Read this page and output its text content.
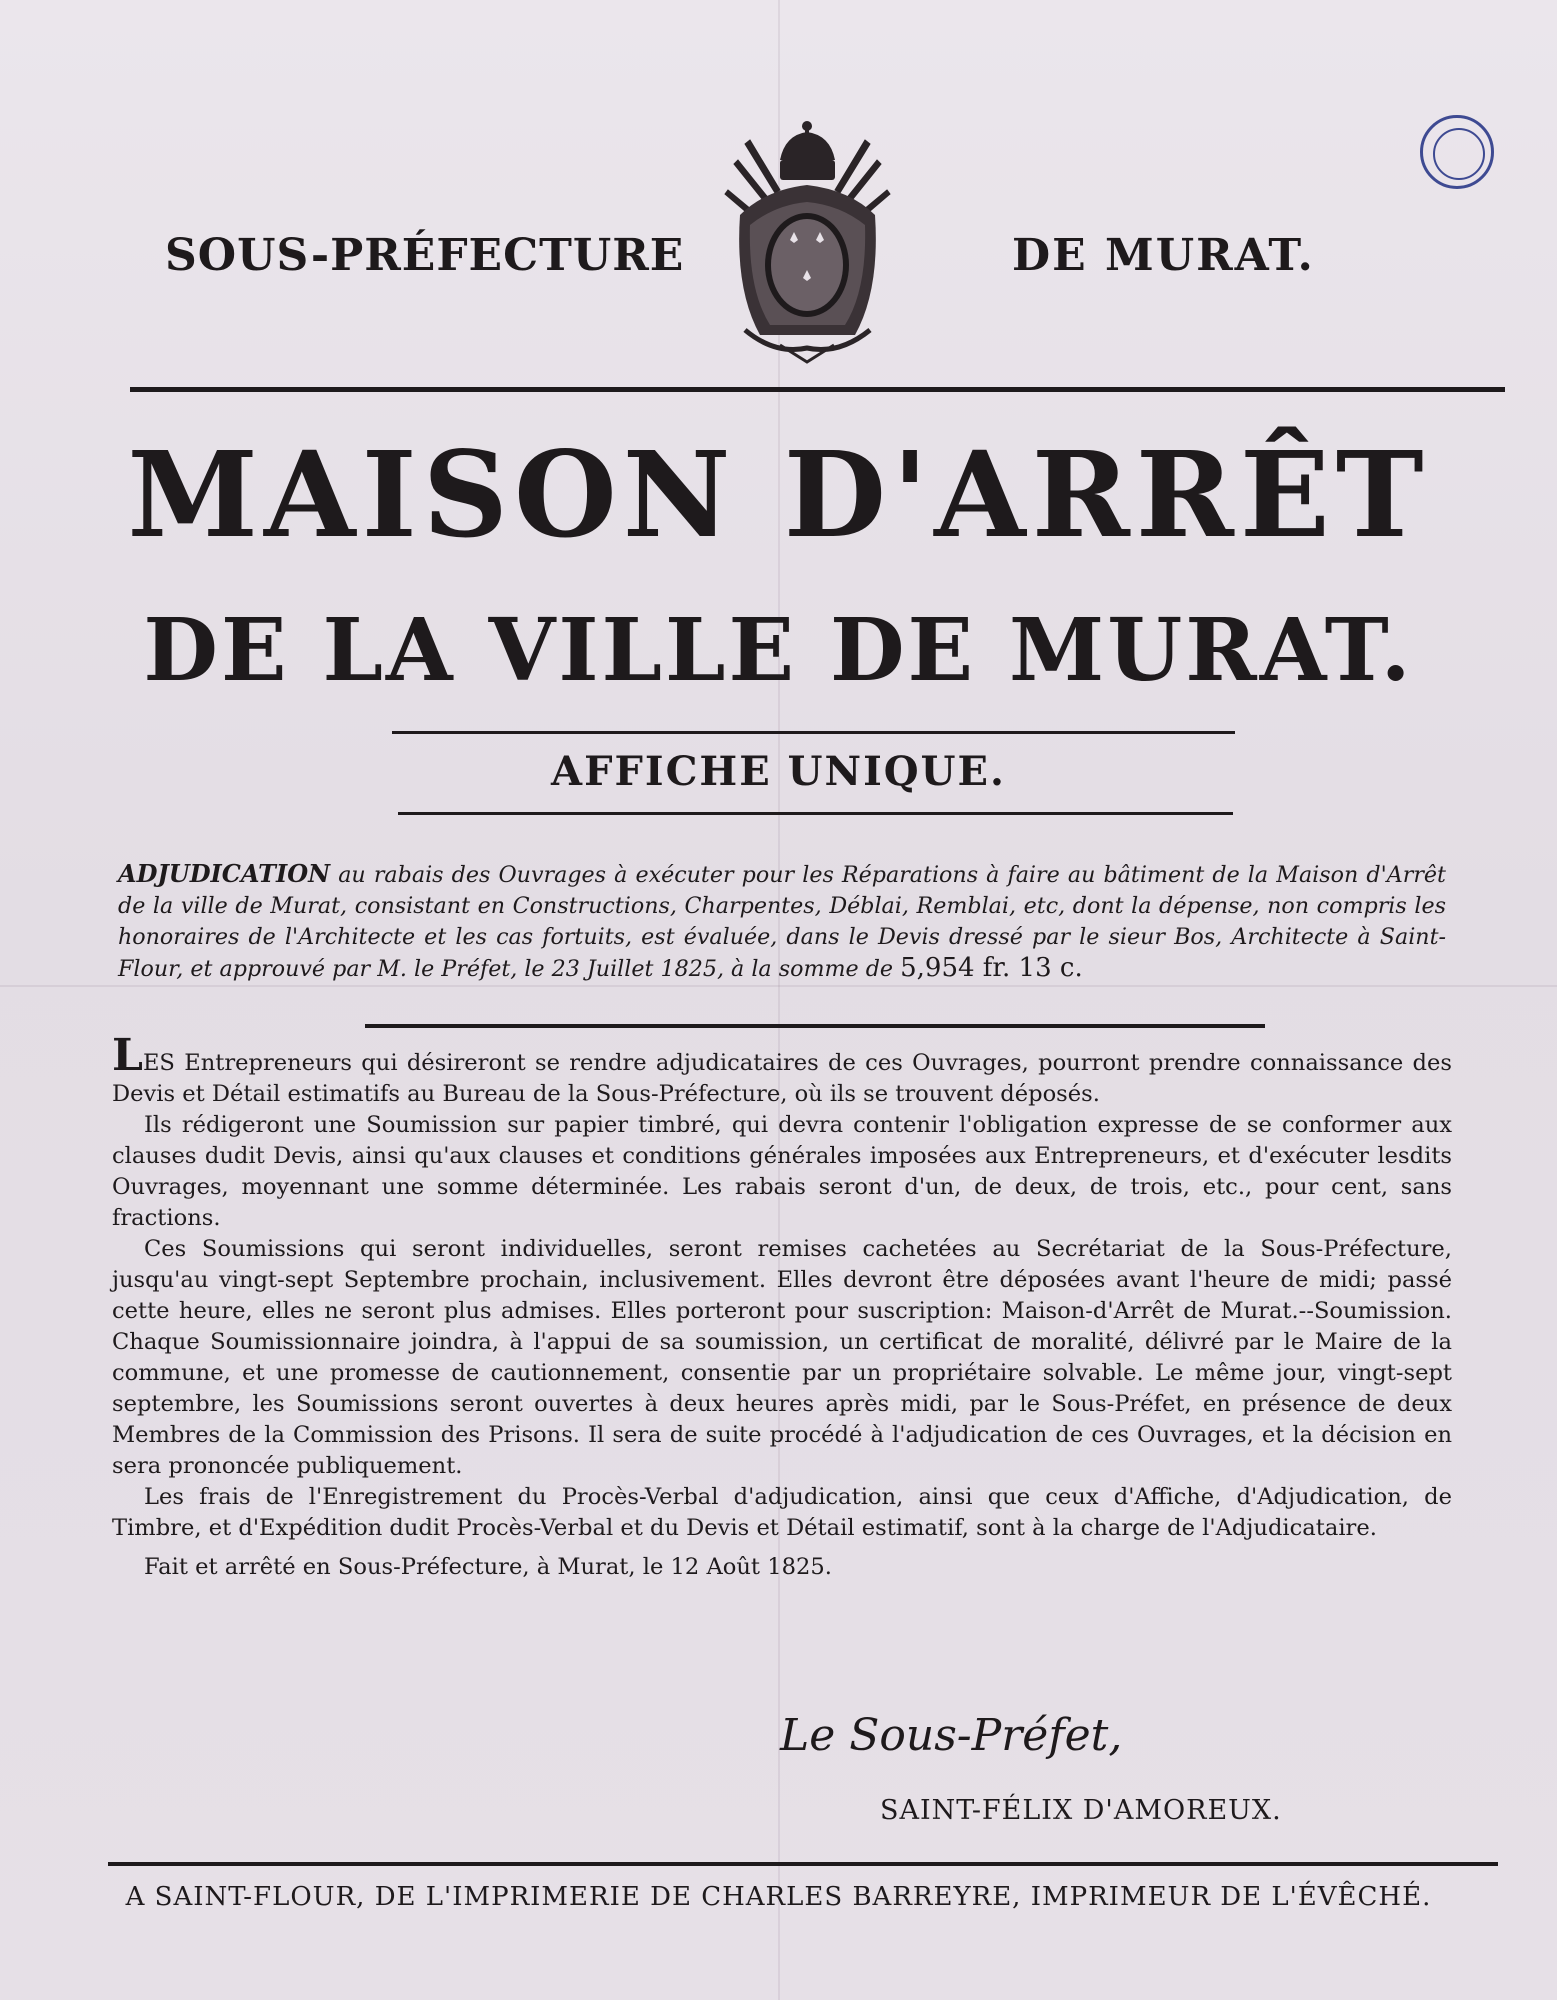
SOUS-PRÉFECTURE	DE MURAT.
MAISON D'ARRÊT
DE LA VILLE DE MURAT.
AFFICHE UNIQUE.
ADJUDICATION au rabais des Ouvrages à exécuter pour les Réparations à faire au bâtiment de la Maison d'Arrêt de la ville de Murat, consistant en Constructions, Charpentes, Déblai, Remblai, etc, dont la dépense, non compris les honoraires de l'Architecte et les cas fortuits, est évaluée, dans le Devis dressé par le sieur Bos, Architecte à Saint-Flour, et approuvé par M. le Préfet, le 23 Juillet 1825, à la somme de 5,954 fr. 13 c.

LES Entrepreneurs qui désireront se rendre adjudicataires de ces Ouvrages, pourront prendre connaissance des Devis et Détail estimatifs au Bureau de la Sous-Préfecture, où ils se trouvent déposés.

Ils rédigeront une Soumission sur papier timbré, qui devra contenir l'obligation expresse de se conformer aux clauses dudit Devis, ainsi qu'aux clauses et conditions générales imposées aux Entrepreneurs, et d'exécuter lesdits Ouvrages, moyennant une somme déterminée. Les rabais seront d'un, de deux, de trois, etc., pour cent, sans fractions.

Ces Soumissions qui seront individuelles, seront remises cachetées au Secrétariat de la Sous-Préfecture, jusqu'au vingt-sept Septembre prochain, inclusivement. Elles devront être déposées avant l'heure de midi; passé cette heure, elles ne seront plus admises. Elles porteront pour suscription: Maison-d'Arrêt de Murat.--Soumission. Chaque Soumissionnaire joindra, à l'appui de sa soumission, un certificat de moralité, délivré par le Maire de la commune, et une promesse de cautionnement, consentie par un propriétaire solvable. Le même jour, vingt-sept septembre, les Soumissions seront ouvertes à deux heures après midi, par le Sous-Préfet, en présence de deux Membres de la Commission des Prisons. Il sera de suite procédé à l'adjudication de ces Ouvrages, et la décision en sera prononcée publiquement.

Les frais de l'Enregistrement du Procès-Verbal d'adjudication, ainsi que ceux d'Affiche, d'Adjudication, de Timbre, et d'Expédition dudit Procès-Verbal et du Devis et Détail estimatif, sont à la charge de l'Adjudicataire.

Fait et arrêté en Sous-Préfecture, à Murat, le 12 Août 1825.

Le Sous-Préfet,
SAINT-FÉLIX D'AMOREUX.
A SAINT-FLOUR, DE L'IMPRIMERIE DE CHARLES BARREYRE, IMPRIMEUR DE L'ÉVÊCHÉ.
